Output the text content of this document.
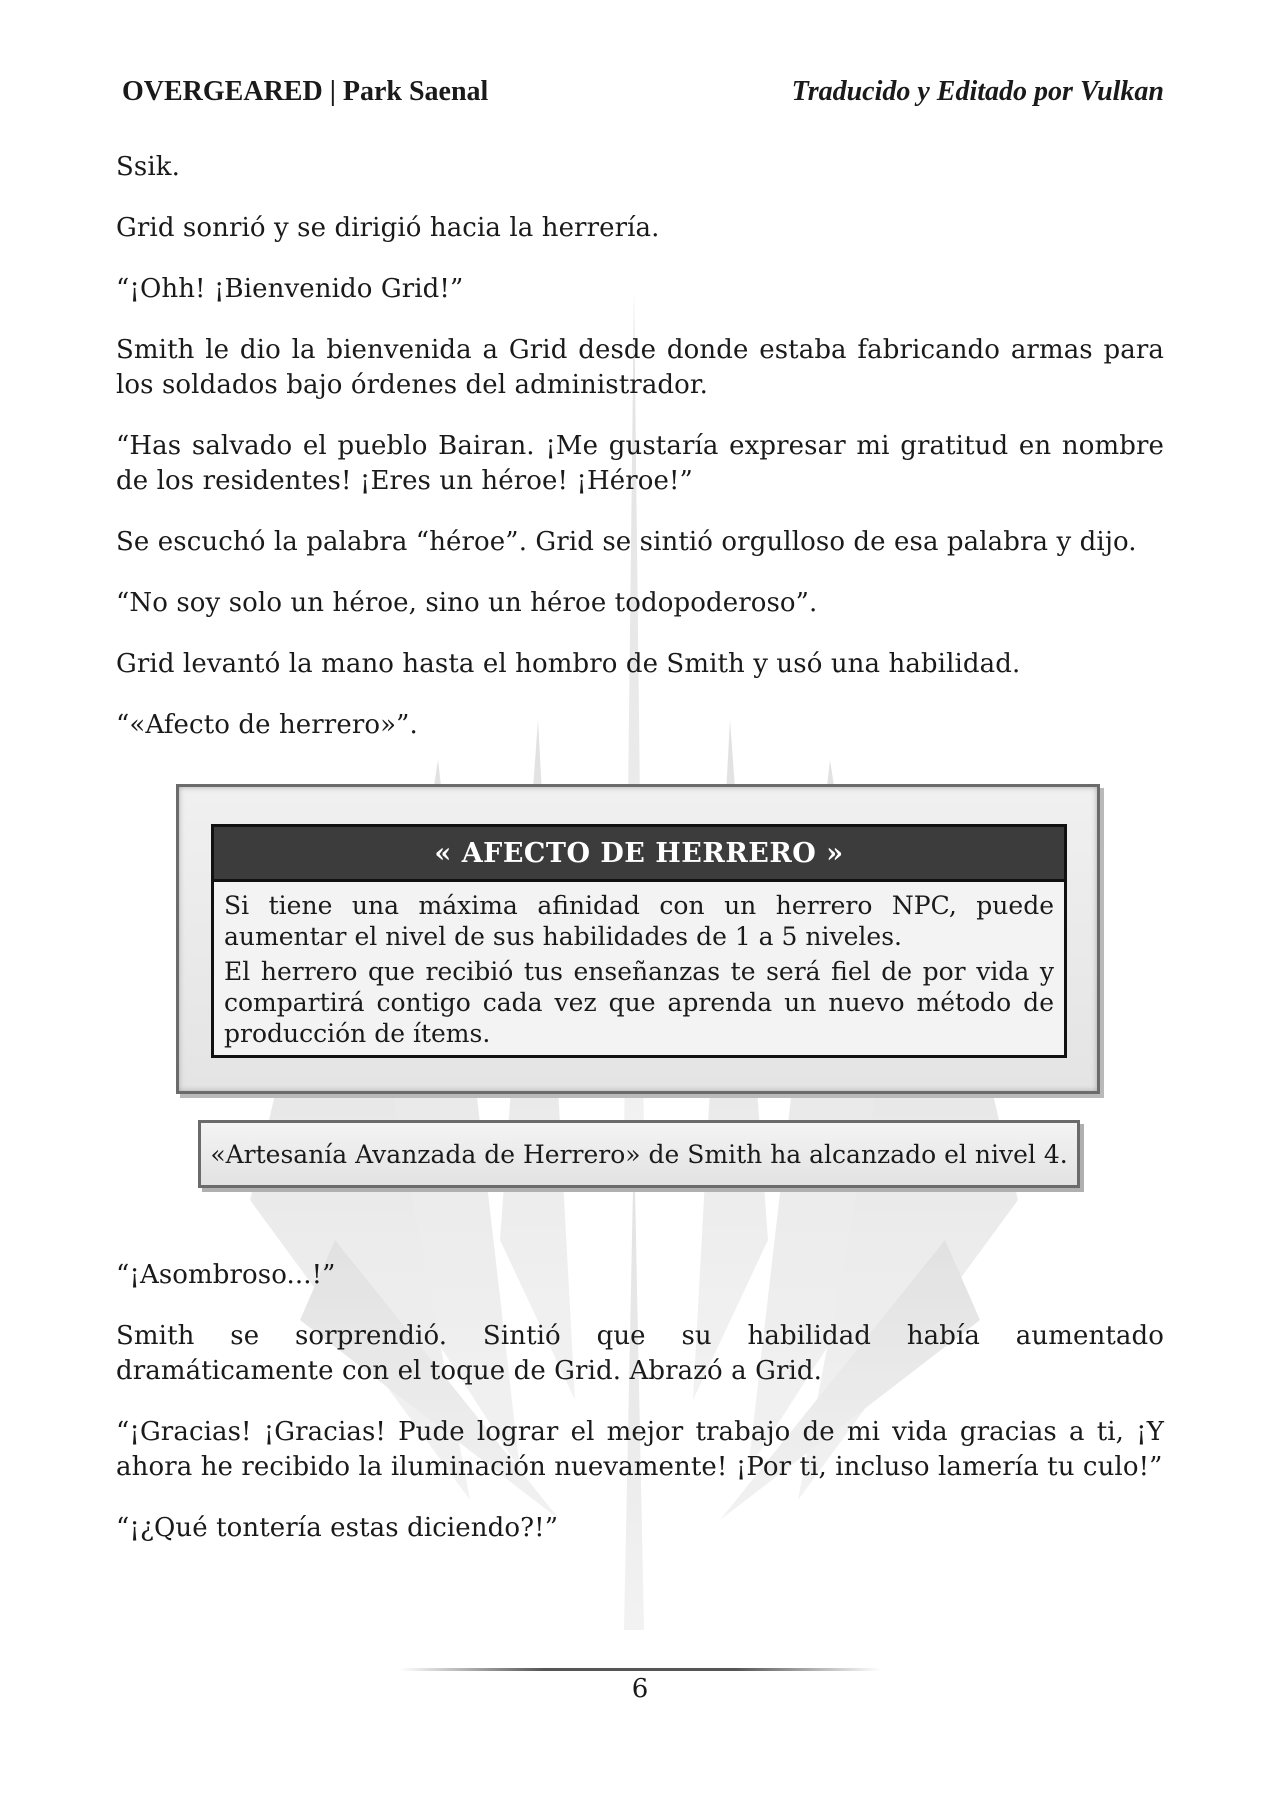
OVERGEARED | Park Saenal	Traducido y Editado por Vulkan

Ssik.

Grid sonrió y se dirigió hacia la herrería.

“¡Ohh! ¡Bienvenido Grid!”

Smith le dio la bienvenida a Grid desde donde estaba fabricando armas para los soldados bajo órdenes del administrador.

“Has salvado el pueblo Bairan. ¡Me gustaría expresar mi gratitud en nombre de los residentes! ¡Eres un héroe! ¡Héroe!”

Se escuchó la palabra “héroe”. Grid se sintió orgulloso de esa palabra y dijo.

“No soy solo un héroe, sino un héroe todopoderoso”.

Grid levantó la mano hasta el hombro de Smith y usó una habilidad.

“«Afecto de herrero»”.

« AFECTO DE HERRERO »

Si tiene una máxima afinidad con un herrero NPC, puede aumentar el nivel de sus habilidades de 1 a 5 niveles.

El herrero que recibió tus enseñanzas te será fiel de por vida y compartirá contigo cada vez que aprenda un nuevo método de producción de ítems.

«Artesanía Avanzada de Herrero» de Smith ha alcanzado el nivel 4.

“¡Asombroso...!”

Smith se sorprendió. Sintió que su habilidad había aumentado dramáticamente con el toque de Grid. Abrazó a Grid.

“¡Gracias! ¡Gracias! Pude lograr el mejor trabajo de mi vida gracias a ti, ¡Y ahora he recibido la iluminación nuevamente! ¡Por ti, incluso lamería tu culo!”

“¡¿Qué tontería estas diciendo?!”

6
